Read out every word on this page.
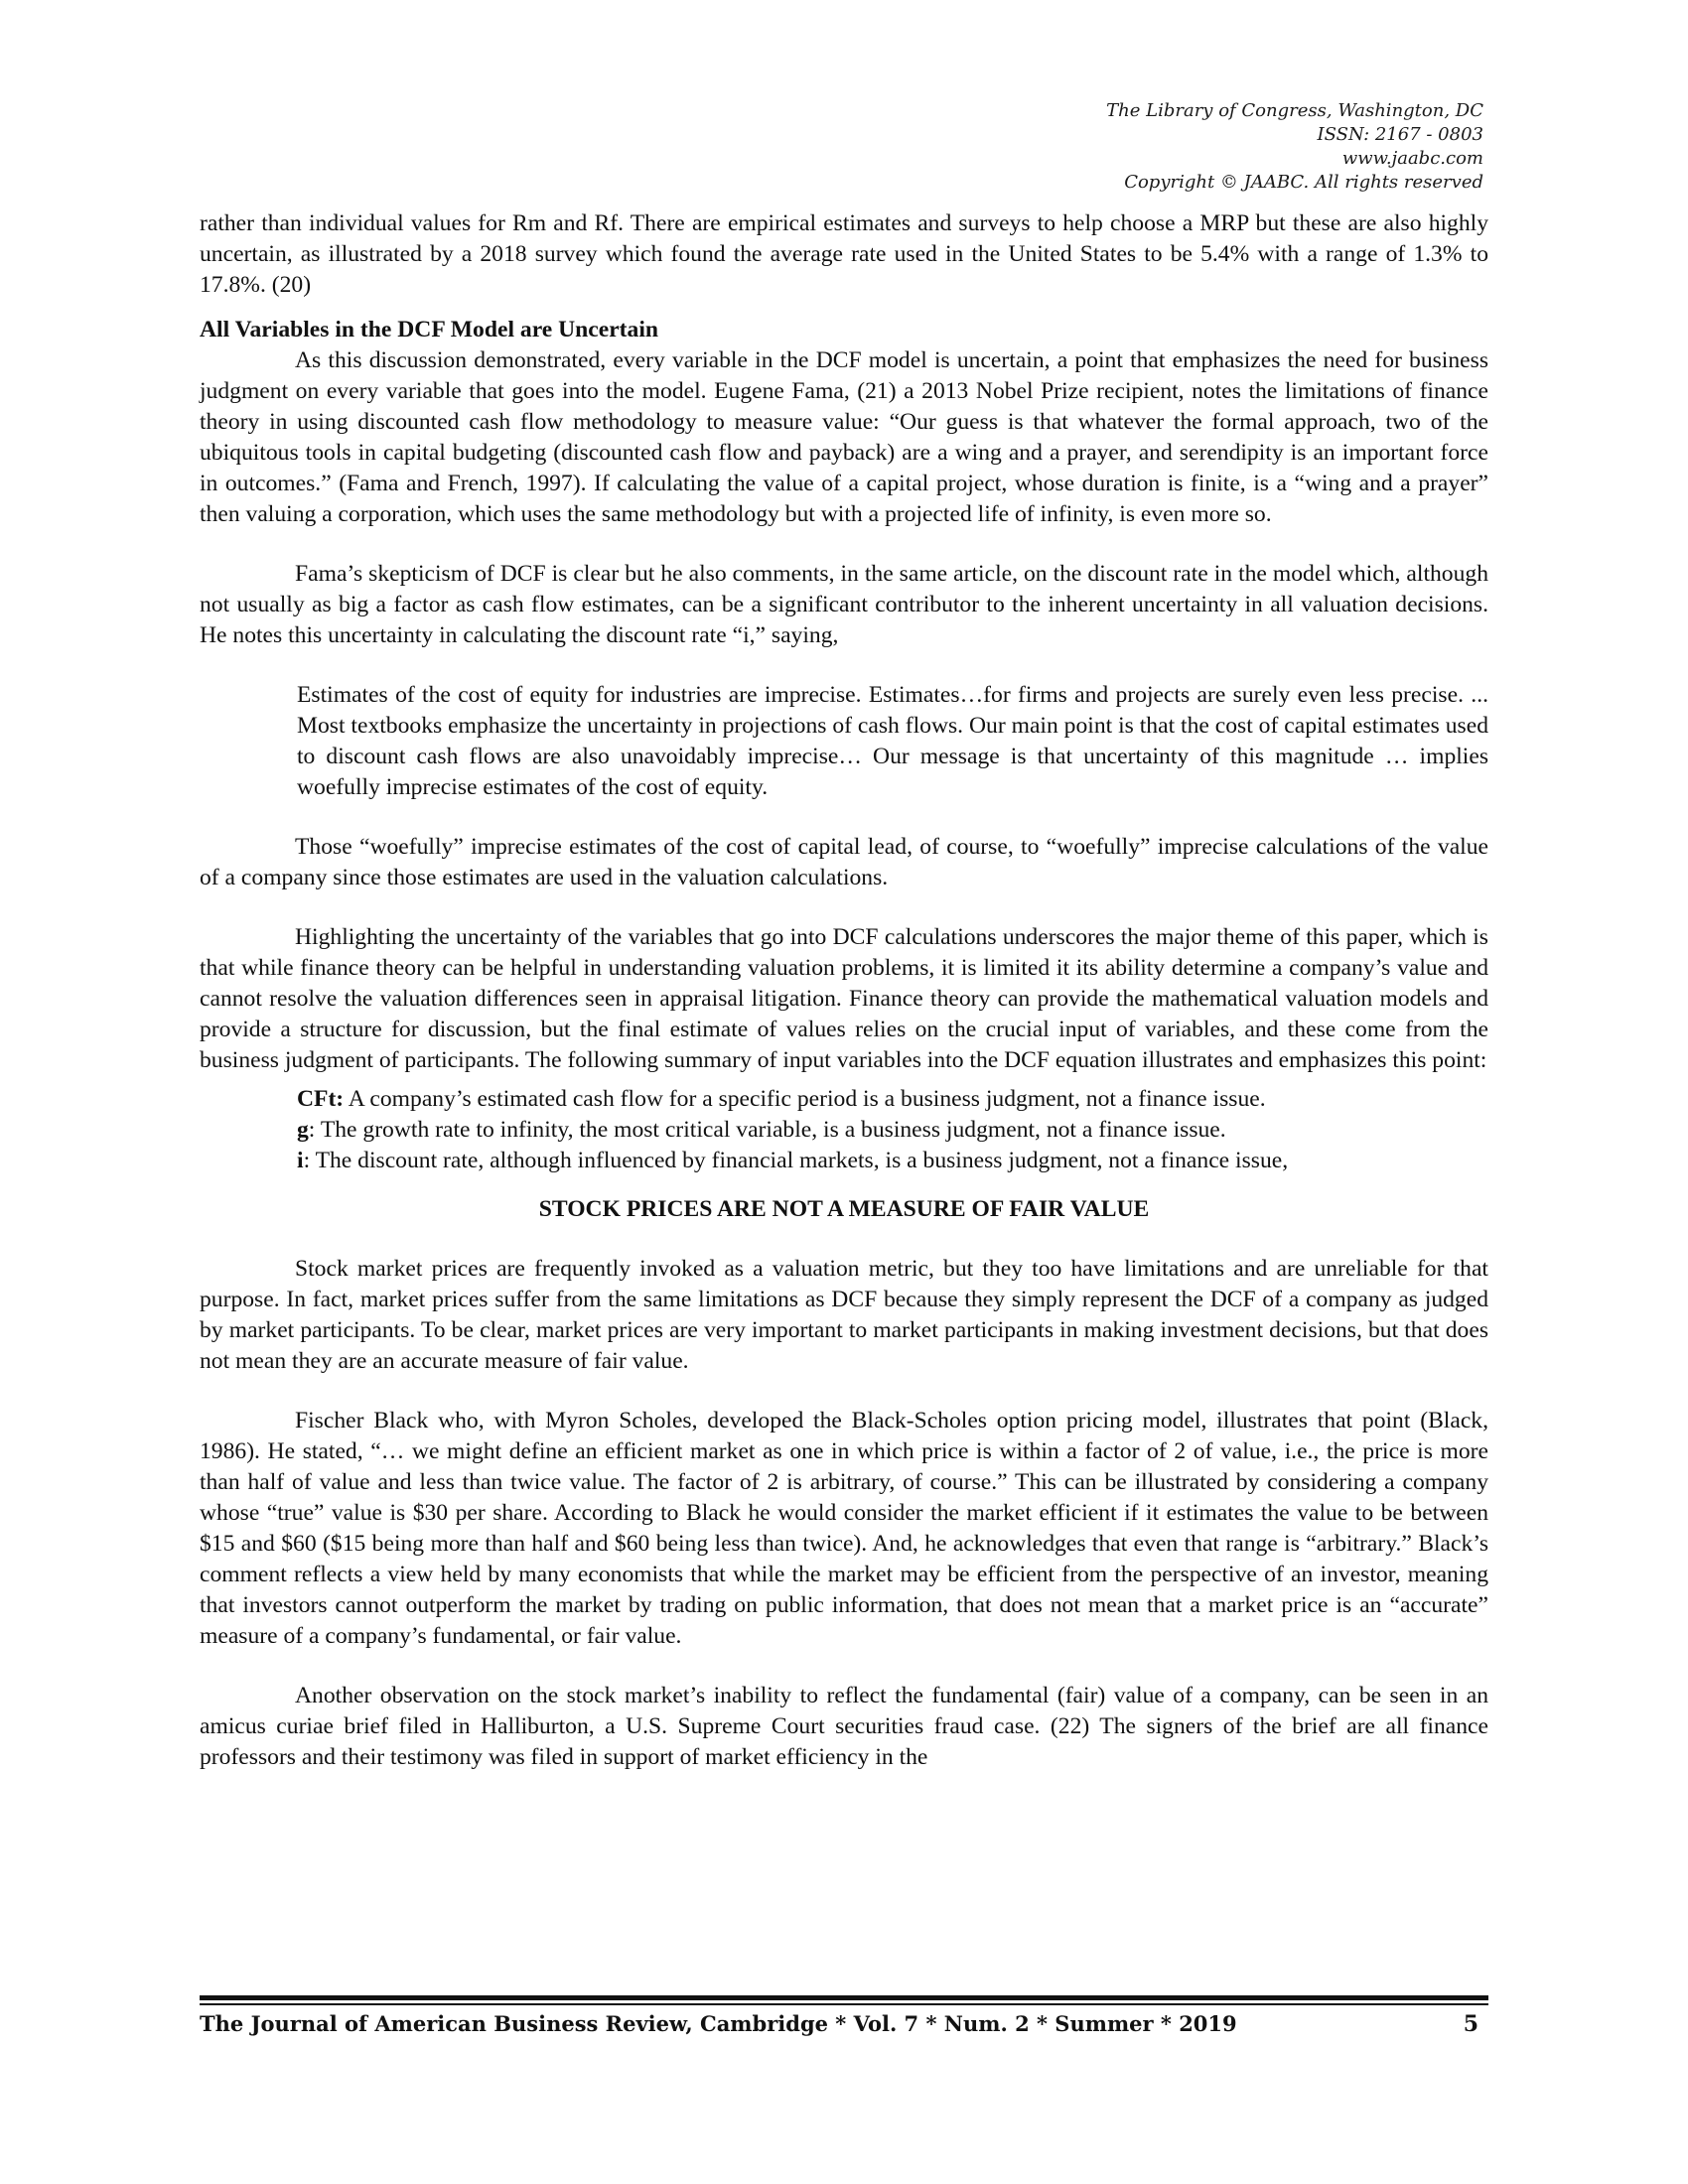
The Library of Congress, Washington, DC
ISSN: 2167 - 0803
www.jaabc.com
Copyright © JAABC. All rights reserved

rather than individual values for Rm and Rf. There are empirical estimates and surveys to help choose a MRP but these are also highly uncertain, as illustrated by a 2018 survey which found the average rate used in the United States to be 5.4% with a range of 1.3% to 17.8%. (20)

All Variables in the DCF Model are Uncertain

As this discussion demonstrated, every variable in the DCF model is uncertain, a point that emphasizes the need for business judgment on every variable that goes into the model. Eugene Fama, (21) a 2013 Nobel Prize recipient, notes the limitations of finance theory in using discounted cash flow methodology to measure value: “Our guess is that whatever the formal approach, two of the ubiquitous tools in capital budgeting (discounted cash flow and payback) are a wing and a prayer, and serendipity is an important force in outcomes.” (Fama and French, 1997). If calculating the value of a capital project, whose duration is finite, is a “wing and a prayer” then valuing a corporation, which uses the same methodology but with a projected life of infinity, is even more so.

Fama’s skepticism of DCF is clear but he also comments, in the same article, on the discount rate in the model which, although not usually as big a factor as cash flow estimates, can be a significant contributor to the inherent uncertainty in all valuation decisions. He notes this uncertainty in calculating the discount rate “i,” saying,

Estimates of the cost of equity for industries are imprecise. Estimates…for firms and projects are surely even less precise. ... Most textbooks emphasize the uncertainty in projections of cash flows. Our main point is that the cost of capital estimates used to discount cash flows are also unavoidably imprecise… Our message is that uncertainty of this magnitude … implies woefully imprecise estimates of the cost of equity.

Those “woefully” imprecise estimates of the cost of capital lead, of course, to “woefully” imprecise calculations of the value of a company since those estimates are used in the valuation calculations.

Highlighting the uncertainty of the variables that go into DCF calculations underscores the major theme of this paper, which is that while finance theory can be helpful in understanding valuation problems, it is limited it its ability determine a company’s value and cannot resolve the valuation differences seen in appraisal litigation. Finance theory can provide the mathematical valuation models and provide a structure for discussion, but the final estimate of values relies on the crucial input of variables, and these come from the business judgment of participants. The following summary of input variables into the DCF equation illustrates and emphasizes this point:

CFt: A company’s estimated cash flow for a specific period is a business judgment, not a finance issue.
g: The growth rate to infinity, the most critical variable, is a business judgment, not a finance issue.
i: The discount rate, although influenced by financial markets, is a business judgment, not a finance issue,

STOCK PRICES ARE NOT A MEASURE OF FAIR VALUE

Stock market prices are frequently invoked as a valuation metric, but they too have limitations and are unreliable for that purpose. In fact, market prices suffer from the same limitations as DCF because they simply represent the DCF of a company as judged by market participants. To be clear, market prices are very important to market participants in making investment decisions, but that does not mean they are an accurate measure of fair value.

Fischer Black who, with Myron Scholes, developed the Black-Scholes option pricing model, illustrates that point (Black, 1986). He stated, “… we might define an efficient market as one in which price is within a factor of 2 of value, i.e., the price is more than half of value and less than twice value. The factor of 2 is arbitrary, of course.” This can be illustrated by considering a company whose “true” value is $30 per share. According to Black he would consider the market efficient if it estimates the value to be between $15 and $60 ($15 being more than half and $60 being less than twice). And, he acknowledges that even that range is “arbitrary.” Black’s comment reflects a view held by many economists that while the market may be efficient from the perspective of an investor, meaning that investors cannot outperform the market by trading on public information, that does not mean that a market price is an “accurate” measure of a company’s fundamental, or fair value.

Another observation on the stock market’s inability to reflect the fundamental (fair) value of a company, can be seen in an amicus curiae brief filed in Halliburton, a U.S. Supreme Court securities fraud case. (22) The signers of the brief are all finance professors and their testimony was filed in support of market efficiency in the

The Journal of American Business Review, Cambridge * Vol. 7 * Num. 2 * Summer * 2019	5
